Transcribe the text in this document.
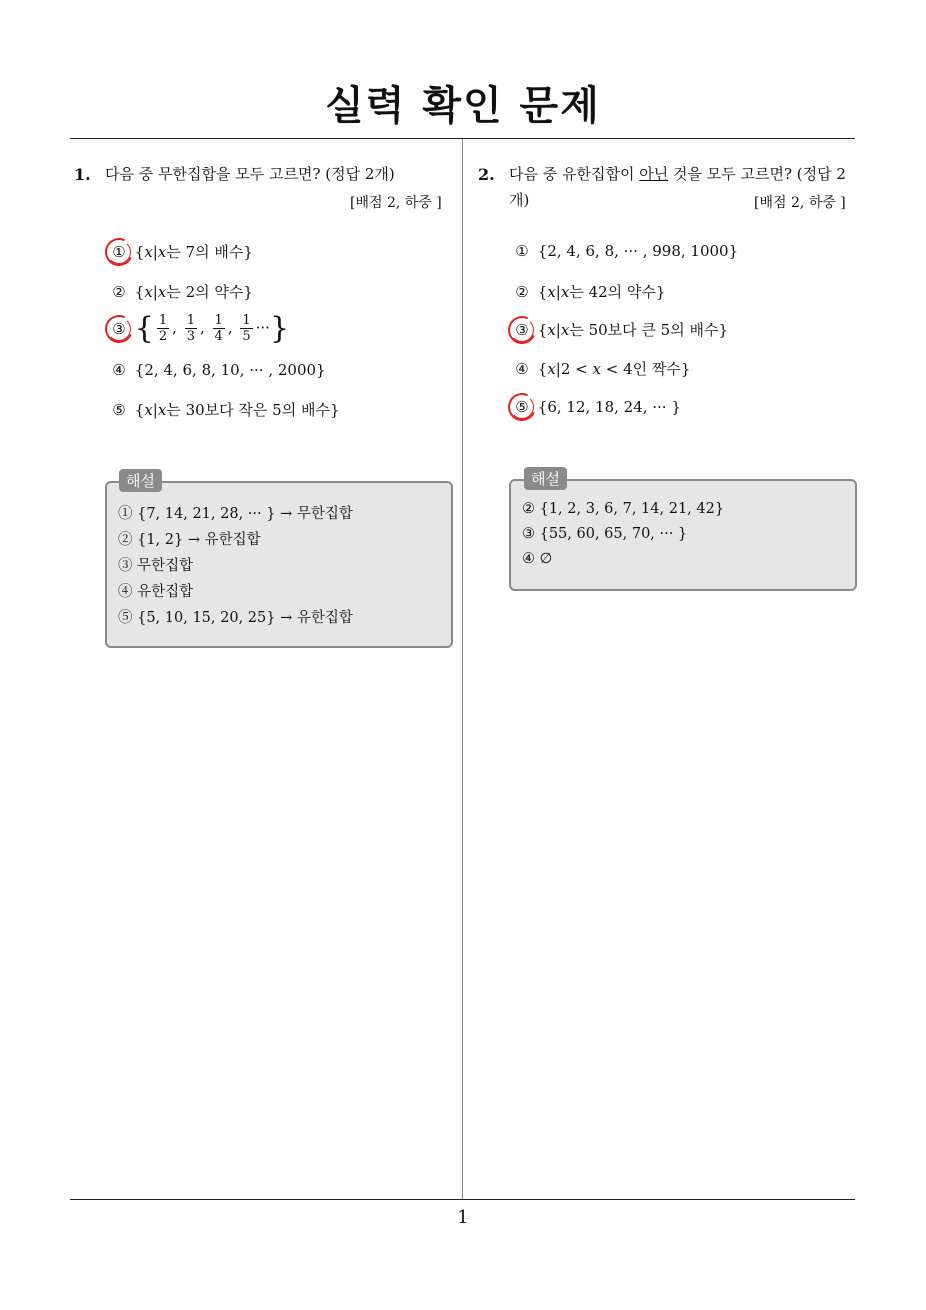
실력 확인 문제
1. 다음 중 무한집합을 모두 고르면? (정답 2개)
[배점 2, 하중 ]
① {x|x는 7의 배수}
② {x|x는 2의 약수}
③ { $\frac{1}{2}$ , $\frac{1}{3}$ , $\frac{1}{4}$ , $\frac{1}{5}$ ···}
④ {2, 4, 6, 8, 10, ··· , 2000}
⑤ {x|x는 30보다 작은 5의 배수}
해설
① {7, 14, 21, 28, ··· } → 무한집합
② {1, 2} → 유한집합
③ 무한집합
④ 유한집합
⑤ {5, 10, 15, 20, 25} → 유한집합
2. 다음 중 유한집합이 아닌 것을 모두 고르면? (정답 2
개)	[배점 2, 하중 ]
① {2, 4, 6, 8, ··· , 998, 1000}
② {x|x는 42의 약수}
③ {x|x는 50보다 큰 5의 배수}
④ {x|2 < x < 4인 짝수}
⑤ {6, 12, 18, 24, ··· }
해설
② {1, 2, 3, 6, 7, 14, 21, 42}
③ {55, 60, 65, 70, ··· }
④ ∅
1
